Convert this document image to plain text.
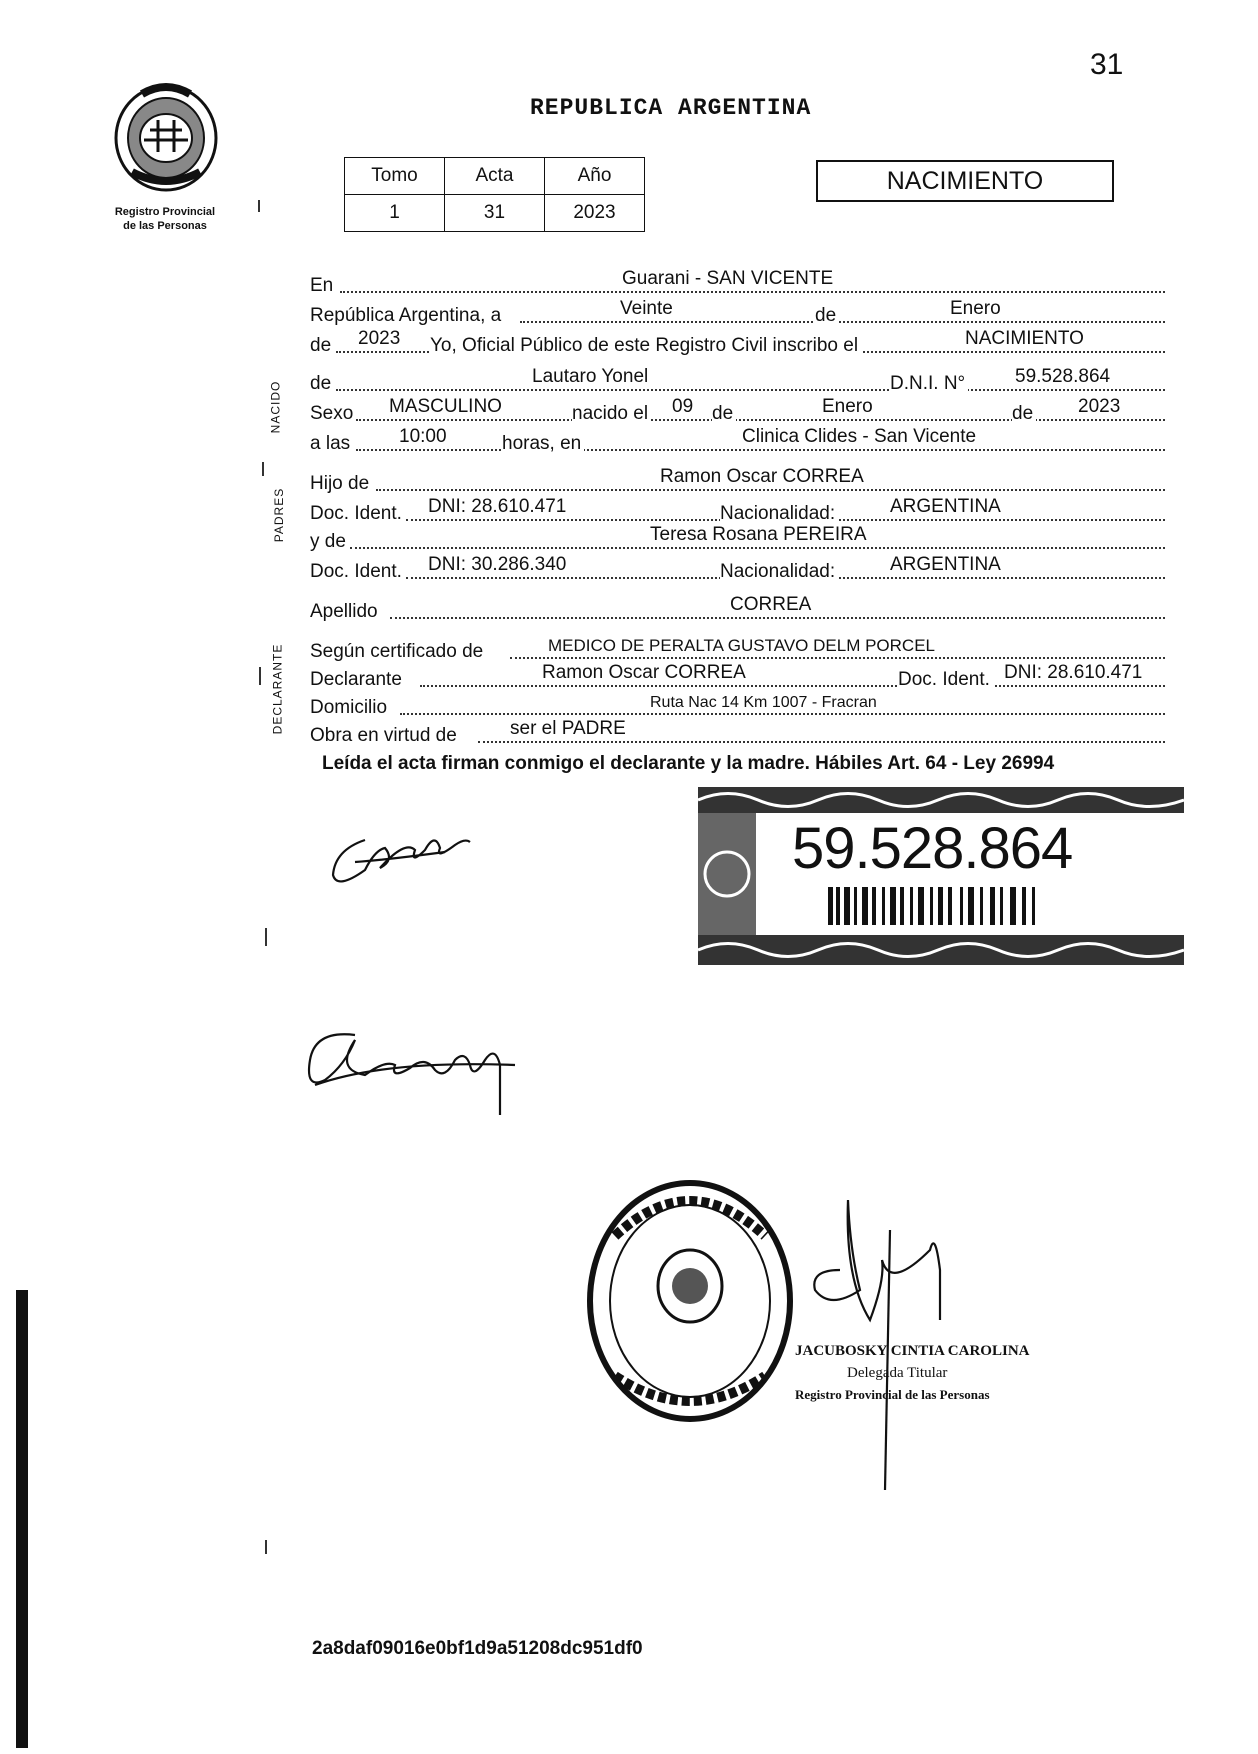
31
REPUBLICA ARGENTINA
Registro Provincial
de las Personas
Tomo	Acta	Año
1	31	2023
NACIMIENTO
NACIDO
PADRES
DECLARANTE
En	Guarani - SAN VICENTE
República Argentina, a	Veinte	de	Enero
de 2023 Yo, Oficial Público de este Registro Civil inscribo el	NACIMIENTO
de	Lautaro Yonel	D.N.I. N°	59.528.864
Sexo MASCULINO	nacido el 09 de	Enero	de 2023
a las	10:00	horas, en	Clinica Clides - San Vicente
Hijo de	Ramon Oscar CORREA
Doc. Ident. DNI: 28.610.471	Nacionalidad:	ARGENTINA
y de	Teresa Rosana PEREIRA
Doc. Ident. DNI: 30.286.340	Nacionalidad:	ARGENTINA
Apellido	CORREA
Según certificado de	MEDICO DE PERALTA GUSTAVO DELM PORCEL
Declarante	Ramon Oscar CORREA	Doc. Ident. DNI: 28.610.471
Domicilio	Ruta Nac 14 Km 1007 - Fracran
Obra en virtud de	ser el PADRE
Leída el acta firman conmigo el declarante y la madre. Hábiles Art. 64 - Ley 26994
59.528.864
JACUBOSKY CINTIA CAROLINA
Delegada Titular
Registro Provincial de las Personas
2a8daf09016e0bf1d9a51208dc951df0
